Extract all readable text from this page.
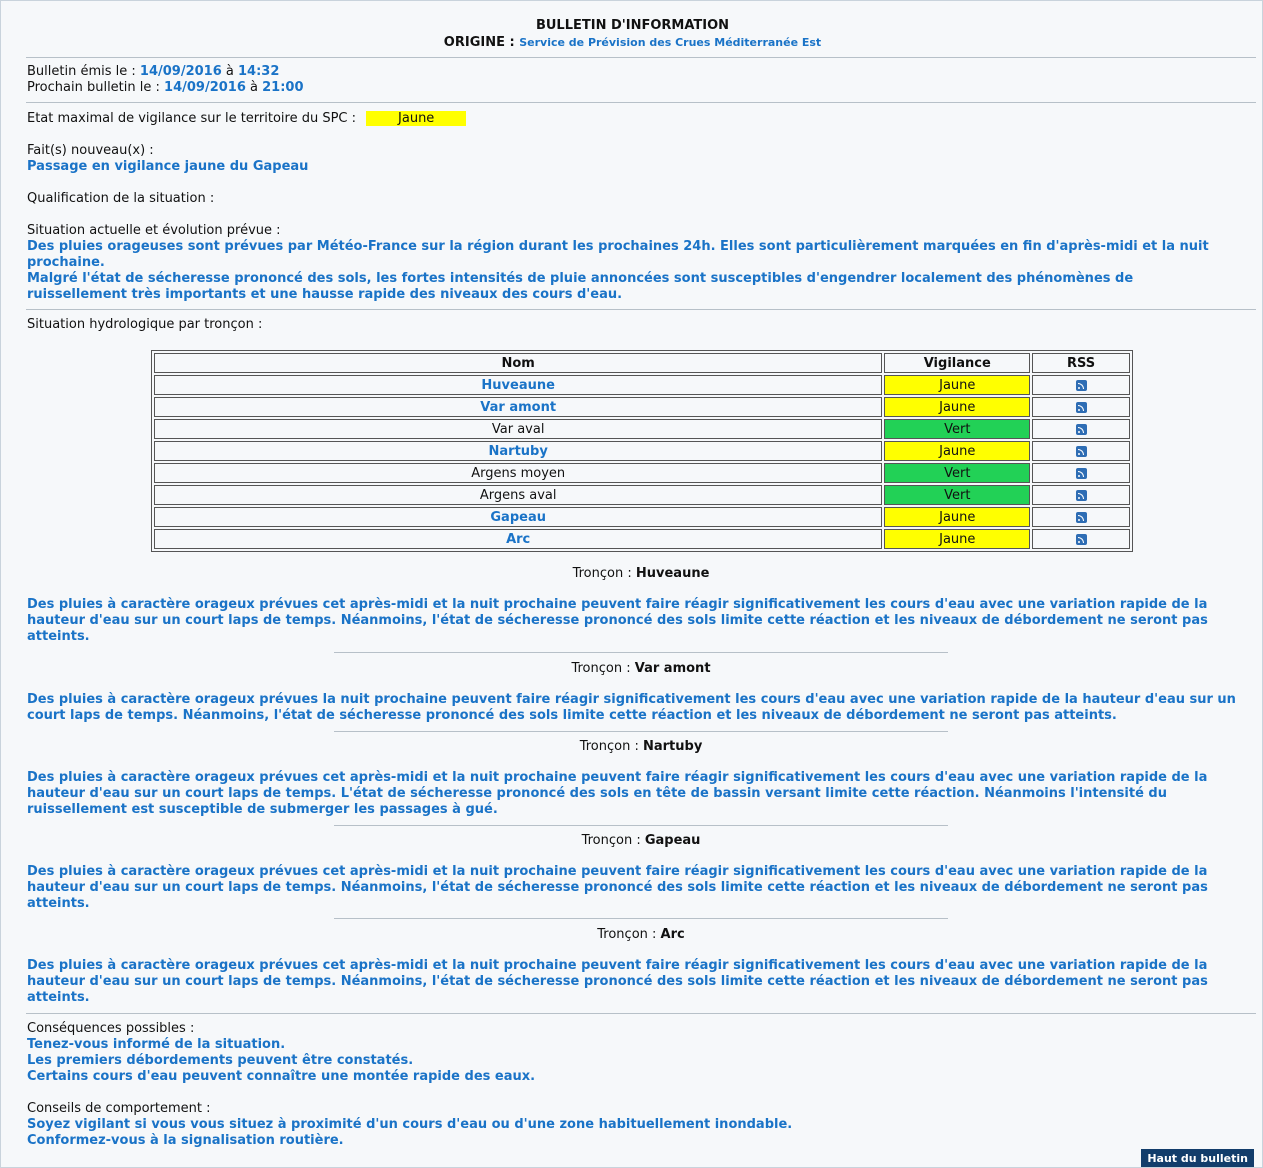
BULLETIN D'INFORMATION
ORIGINE : Service de Prévision des Crues Méditerranée Est
Bulletin émis le : 14/09/2016 à 14:32
Prochain bulletin le : 14/09/2016 à 21:00
Etat maximal de vigilance sur le territoire du SPC :	Jaune
Fait(s) nouveau(x) :
Passage en vigilance jaune du Gapeau
Qualification de la situation :
Situation actuelle et évolution prévue :
Des pluies orageuses sont prévues par Météo-France sur la région durant les prochaines 24h. Elles sont particulièrement marquées en fin d'après-midi et la nuit prochaine.
Malgré l'état de sécheresse prononcé des sols, les fortes intensités de pluie annoncées sont susceptibles d'engendrer localement des phénomènes de ruissellement très importants et une hausse rapide des niveaux des cours d'eau.
Situation hydrologique par tronçon :
Nom	Vigilance	RSS
Huveaune	Jaune	
Var amont	Jaune	
Var aval	Vert	
Nartuby	Jaune	
Argens moyen	Vert	
Argens aval	Vert	
Gapeau	Jaune	
Arc	Jaune	
Tronçon : Huveaune
Des pluies à caractère orageux prévues cet après-midi et la nuit prochaine peuvent faire réagir significativement les cours d'eau avec une variation rapide de la hauteur d'eau sur un court laps de temps. Néanmoins, l'état de sécheresse prononcé des sols limite cette réaction et les niveaux de débordement ne seront pas atteints.
Tronçon : Var amont
Des pluies à caractère orageux prévues la nuit prochaine peuvent faire réagir significativement les cours d'eau avec une variation rapide de la hauteur d'eau sur un court laps de temps. Néanmoins, l'état de sécheresse prononcé des sols limite cette réaction et les niveaux de débordement ne seront pas atteints.
Tronçon : Nartuby
Des pluies à caractère orageux prévues cet après-midi et la nuit prochaine peuvent faire réagir significativement les cours d'eau avec une variation rapide de la hauteur d'eau sur un court laps de temps. L'état de sécheresse prononcé des sols en tête de bassin versant limite cette réaction. Néanmoins l'intensité du ruissellement est susceptible de submerger les passages à gué.
Tronçon : Gapeau
Des pluies à caractère orageux prévues cet après-midi et la nuit prochaine peuvent faire réagir significativement les cours d'eau avec une variation rapide de la hauteur d'eau sur un court laps de temps. Néanmoins, l'état de sécheresse prononcé des sols limite cette réaction et les niveaux de débordement ne seront pas atteints.
Tronçon : Arc
Des pluies à caractère orageux prévues cet après-midi et la nuit prochaine peuvent faire réagir significativement les cours d'eau avec une variation rapide de la hauteur d'eau sur un court laps de temps. Néanmoins, l'état de sécheresse prononcé des sols limite cette réaction et les niveaux de débordement ne seront pas atteints.
Conséquences possibles :
Tenez-vous informé de la situation.
Les premiers débordements peuvent être constatés.
Certains cours d'eau peuvent connaître une montée rapide des eaux.
Conseils de comportement :
Soyez vigilant si vous vous situez à proximité d'un cours d'eau ou d'une zone habituellement inondable.
Conformez-vous à la signalisation routière.
Haut du bulletin
